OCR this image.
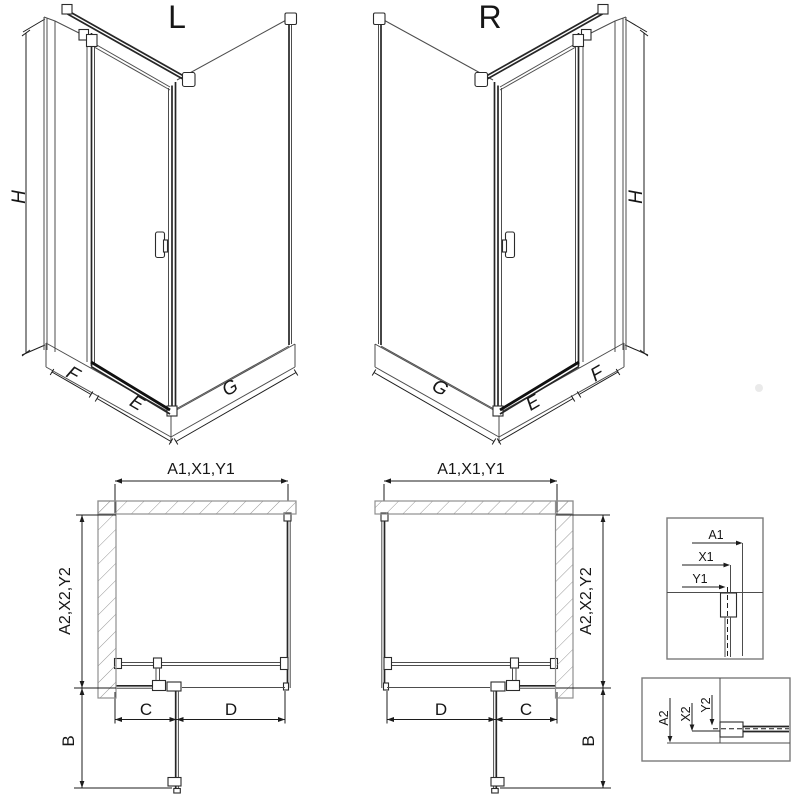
L
H
F
E
G
R
H
F
E
G
A1,X1,Y1
A2,X2,Y2
B
C	D
A1,X1,Y1
A2,X2,Y2
B
D	C
A1
X1
Y1
A2 X2
Y2
